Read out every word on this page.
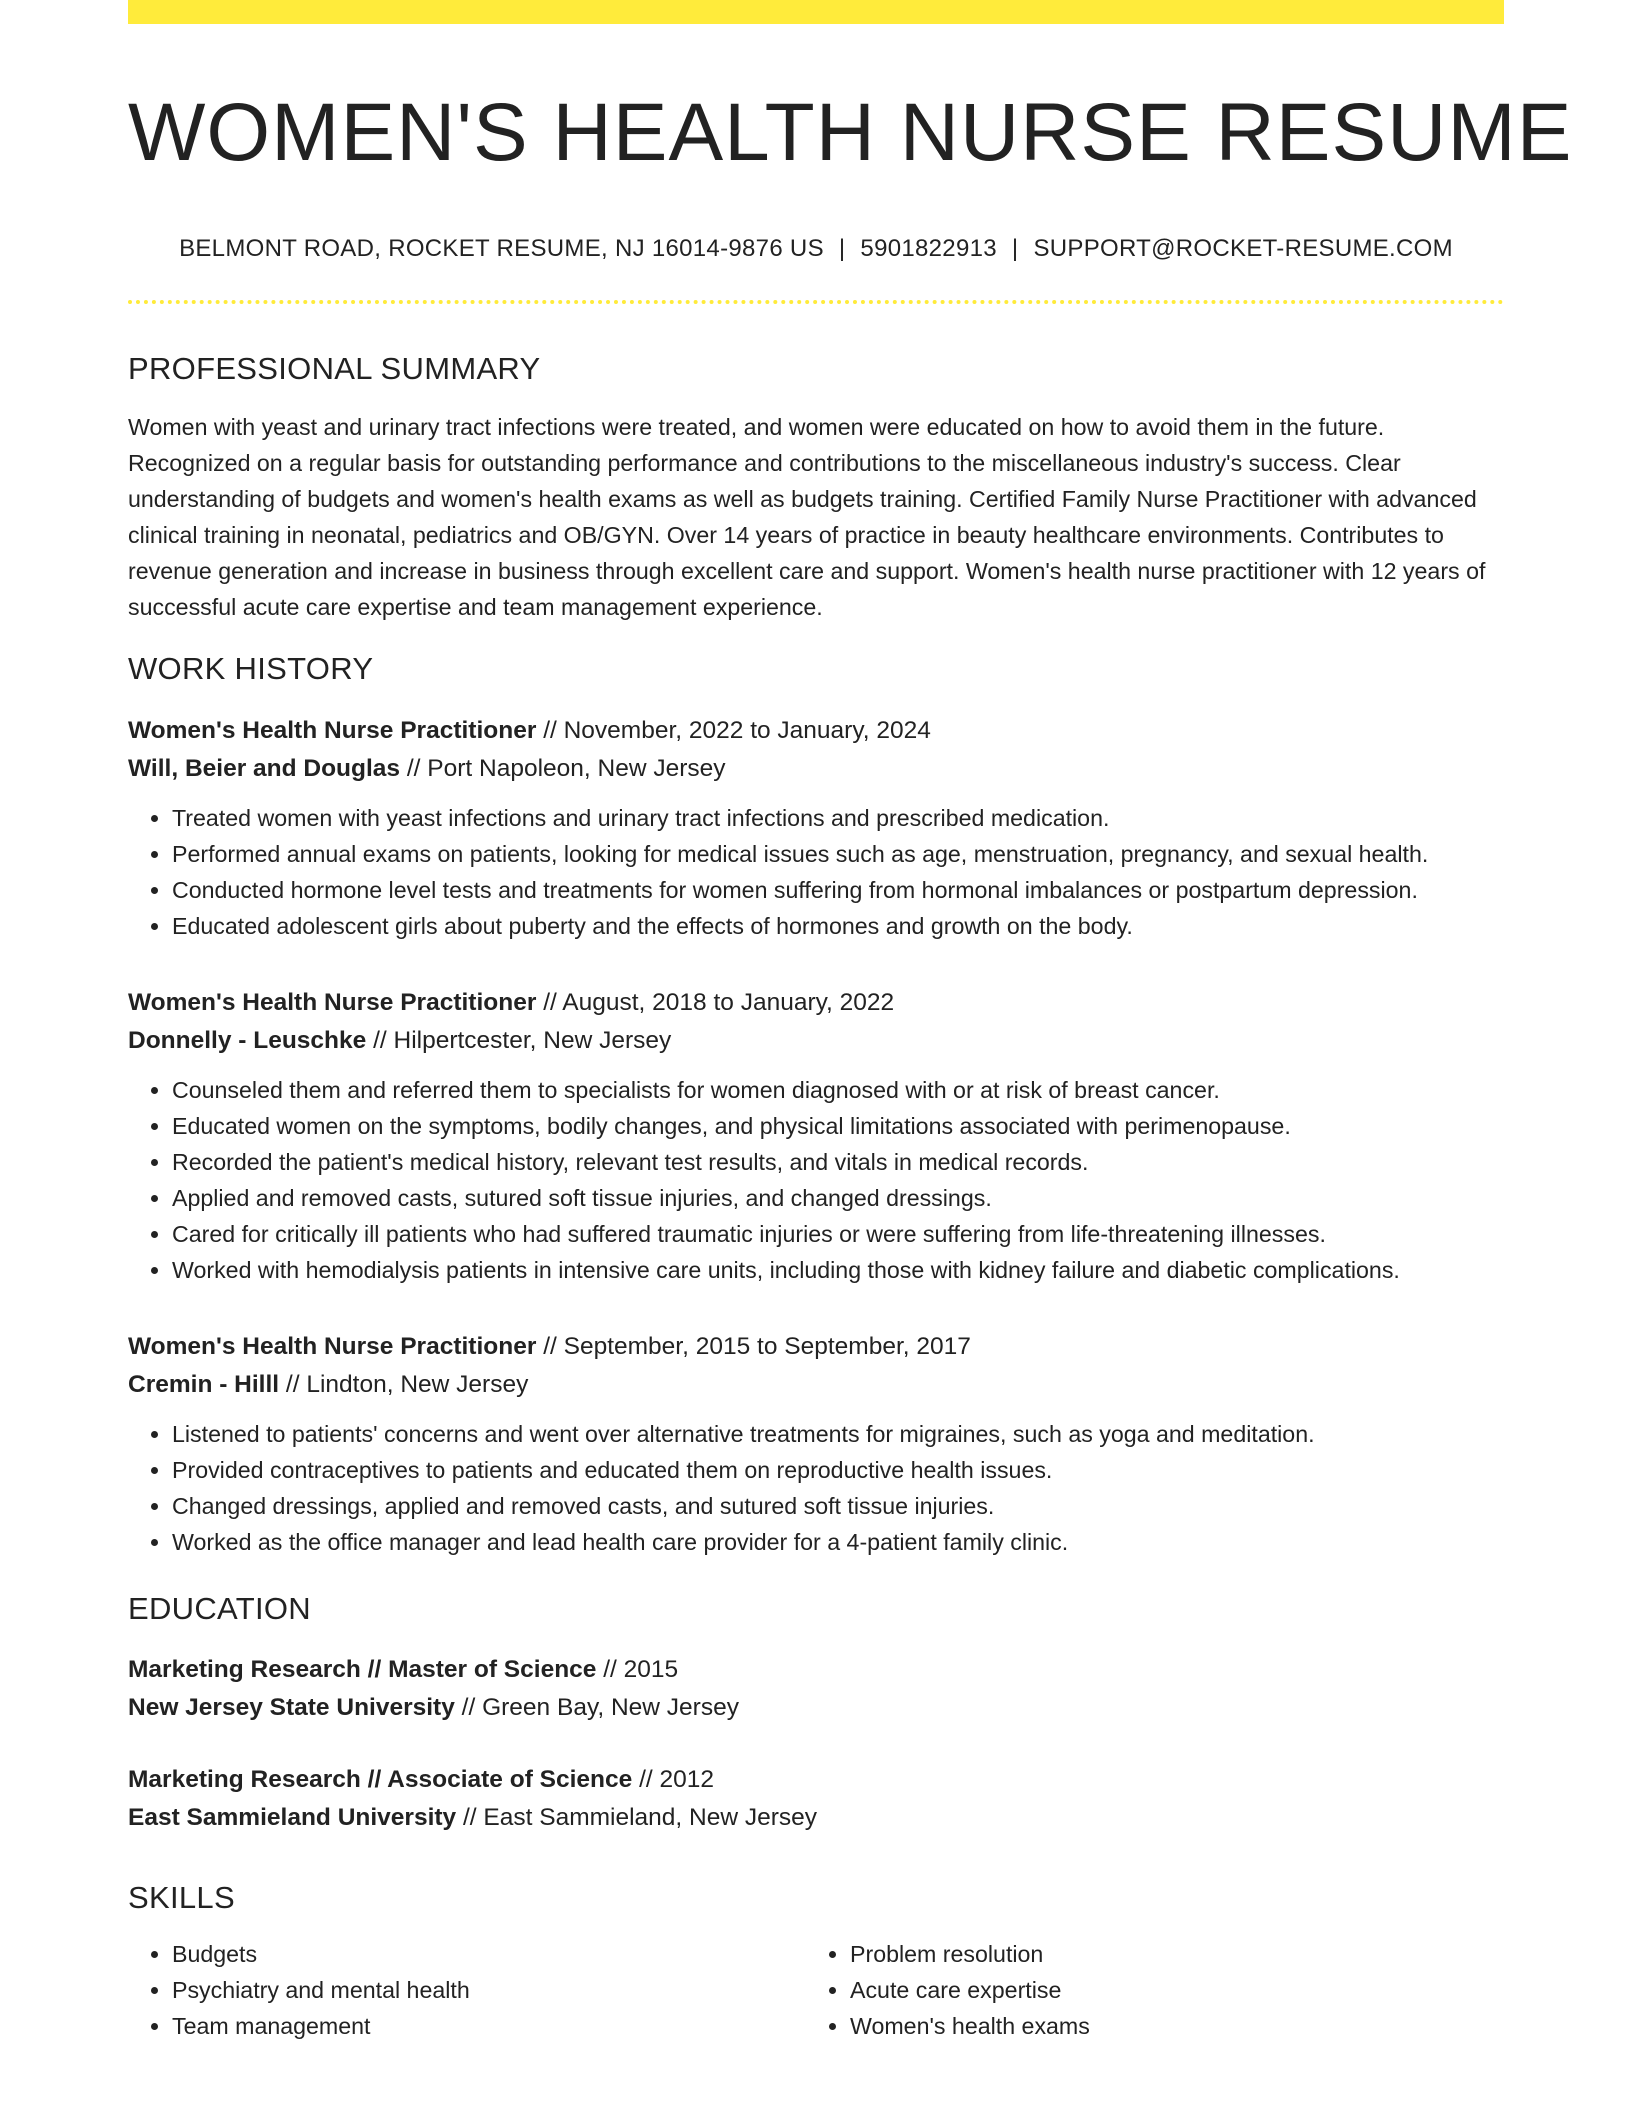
WOMEN'S HEALTH NURSE RESUME
BELMONT ROAD, ROCKET RESUME, NJ 16014-9876 US | 5901822913 | SUPPORT@ROCKET-RESUME.COM
PROFESSIONAL SUMMARY
Women with yeast and urinary tract infections were treated, and women were educated on how to avoid them in the future. Recognized on a regular basis for outstanding performance and contributions to the miscellaneous industry's success. Clear understanding of budgets and women's health exams as well as budgets training. Certified Family Nurse Practitioner with advanced clinical training in neonatal, pediatrics and OB/GYN. Over 14 years of practice in beauty healthcare environments. Contributes to revenue generation and increase in business through excellent care and support. Women's health nurse practitioner with 12 years of successful acute care expertise and team management experience.
WORK HISTORY
Women's Health Nurse Practitioner // November, 2022 to January, 2024
Will, Beier and Douglas // Port Napoleon, New Jersey
• Treated women with yeast infections and urinary tract infections and prescribed medication.
• Performed annual exams on patients, looking for medical issues such as age, menstruation, pregnancy, and sexual health.
• Conducted hormone level tests and treatments for women suffering from hormonal imbalances or postpartum depression.
• Educated adolescent girls about puberty and the effects of hormones and growth on the body.
Women's Health Nurse Practitioner // August, 2018 to January, 2022
Donnelly - Leuschke // Hilpertcester, New Jersey
• Counseled them and referred them to specialists for women diagnosed with or at risk of breast cancer.
• Educated women on the symptoms, bodily changes, and physical limitations associated with perimenopause.
• Recorded the patient's medical history, relevant test results, and vitals in medical records.
• Applied and removed casts, sutured soft tissue injuries, and changed dressings.
• Cared for critically ill patients who had suffered traumatic injuries or were suffering from life-threatening illnesses.
• Worked with hemodialysis patients in intensive care units, including those with kidney failure and diabetic complications.
Women's Health Nurse Practitioner // September, 2015 to September, 2017
Cremin - Hilll // Lindton, New Jersey
• Listened to patients' concerns and went over alternative treatments for migraines, such as yoga and meditation.
• Provided contraceptives to patients and educated them on reproductive health issues.
• Changed dressings, applied and removed casts, and sutured soft tissue injuries.
• Worked as the office manager and lead health care provider for a 4-patient family clinic.
EDUCATION
Marketing Research // Master of Science // 2015
New Jersey State University // Green Bay, New Jersey
Marketing Research // Associate of Science // 2012
East Sammieland University // East Sammieland, New Jersey
SKILLS
• Budgets
• Psychiatry and mental health
• Team management
• Problem resolution
• Acute care expertise
• Women's health exams
